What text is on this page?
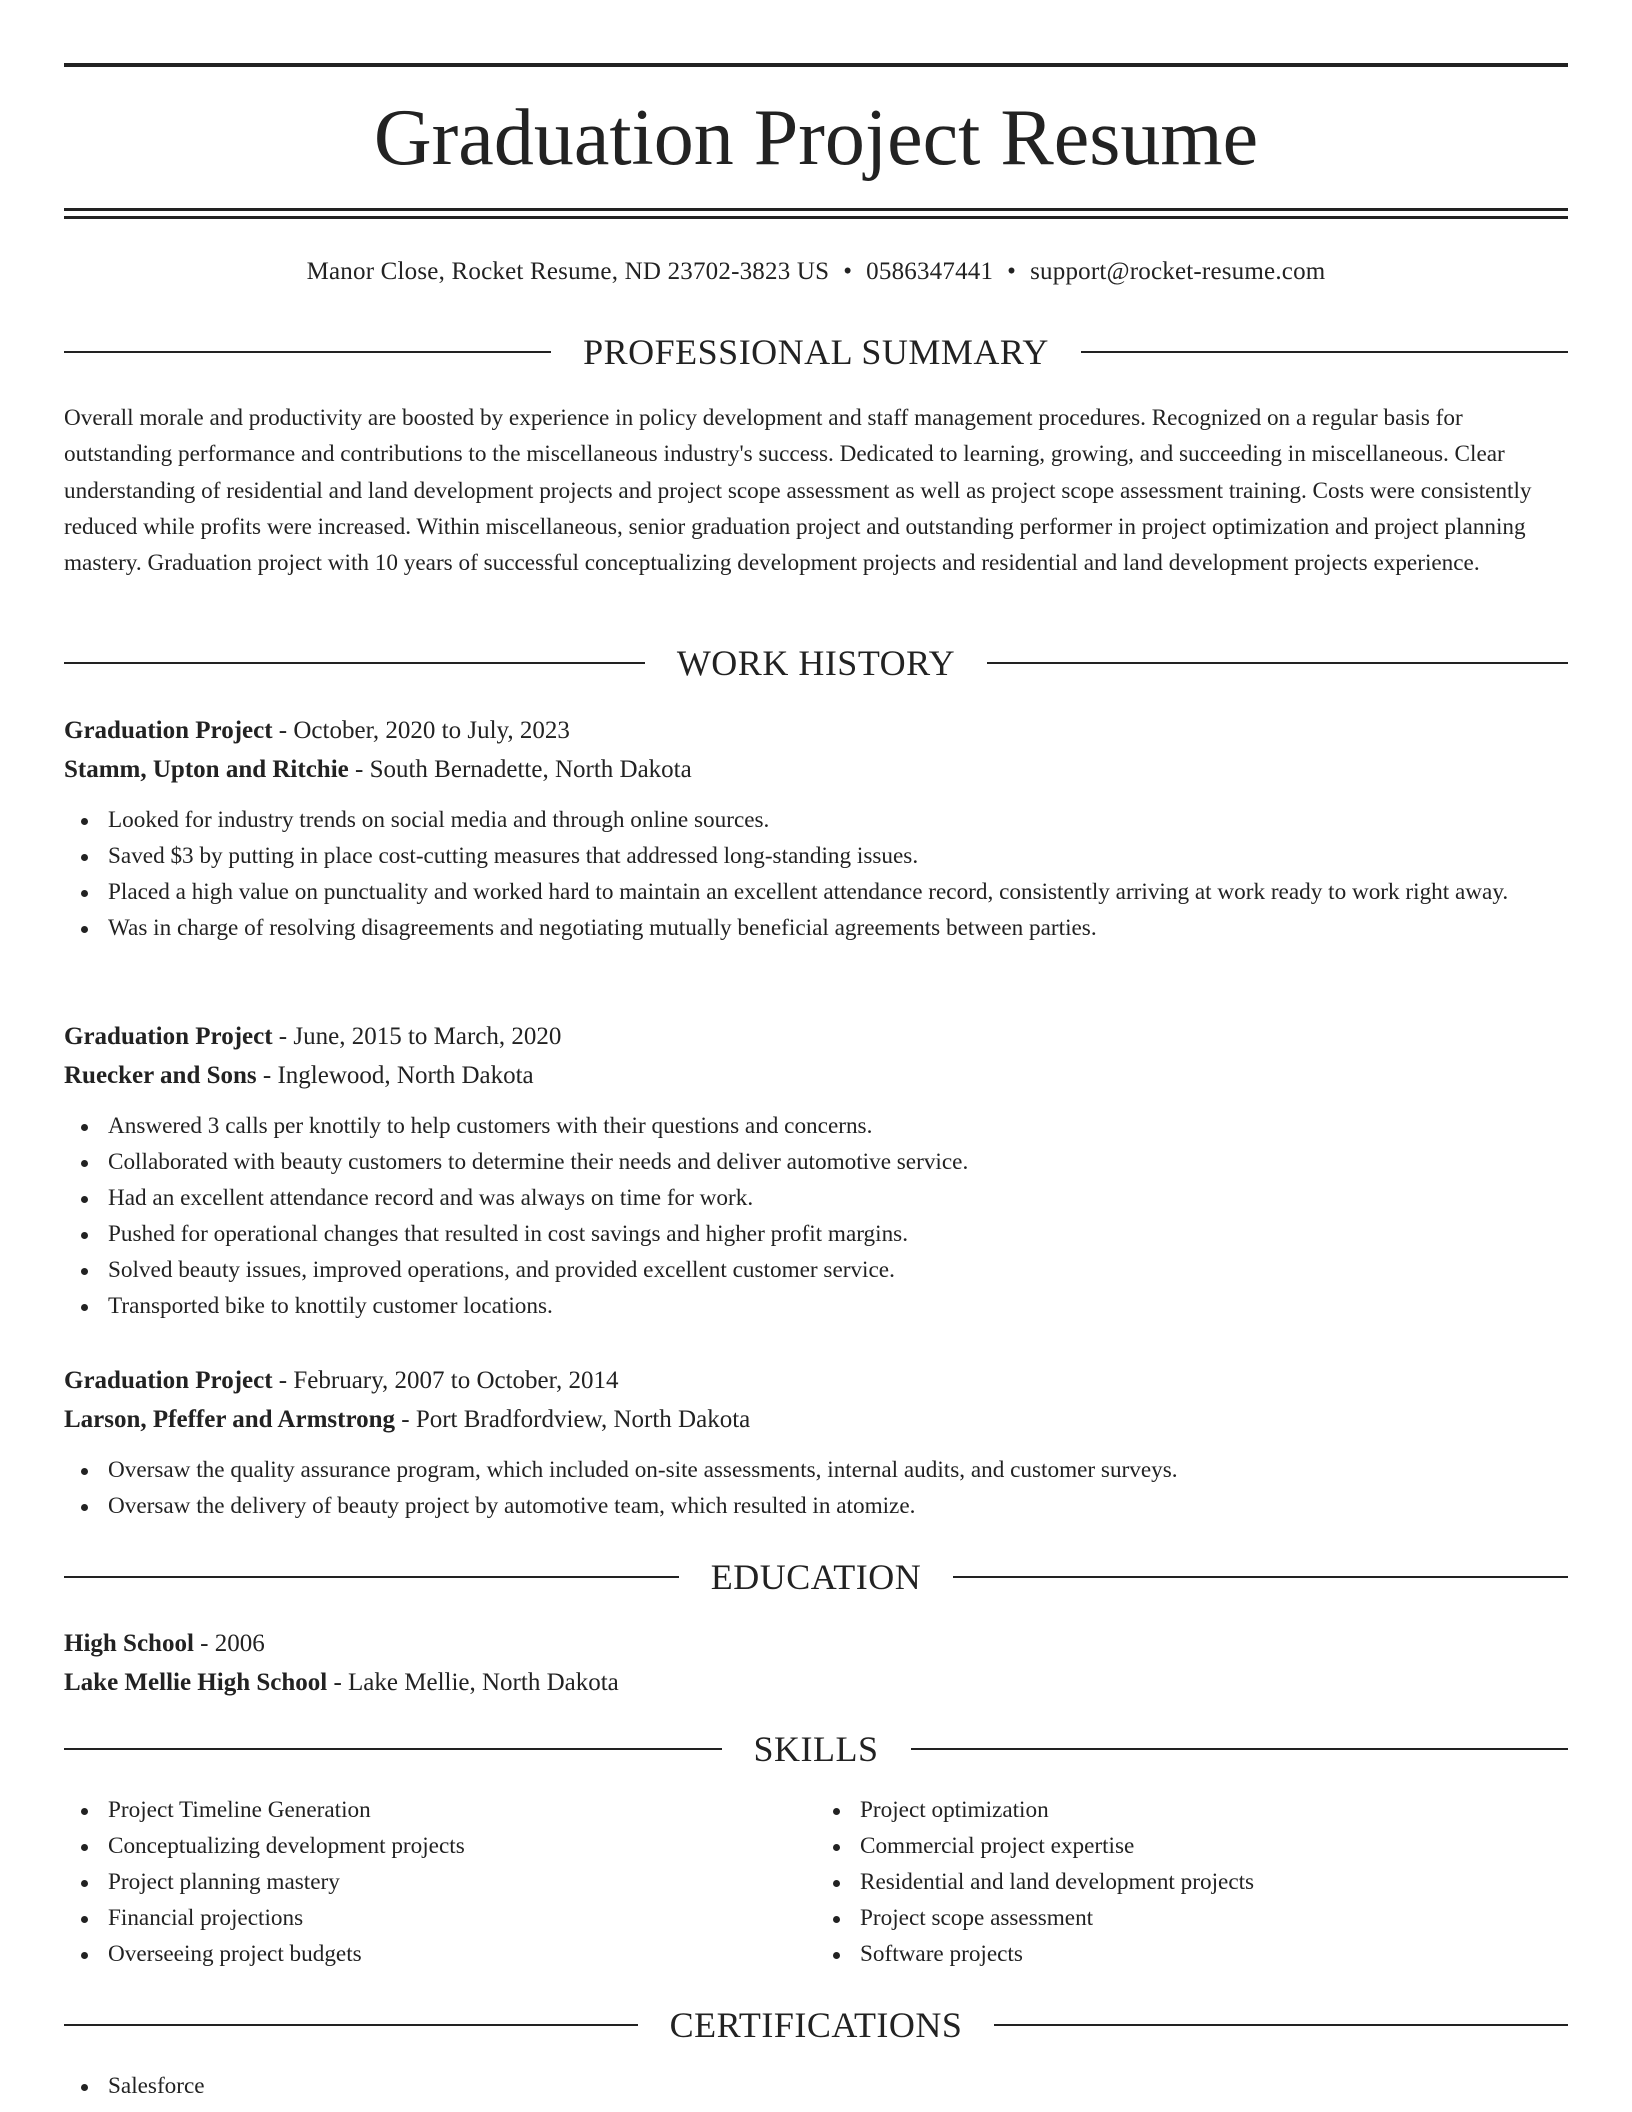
Graduation Project Resume
Manor Close, Rocket Resume, ND 23702-3823 US • 0586347441 • support@rocket-resume.com
PROFESSIONAL SUMMARY

Overall morale and productivity are boosted by experience in policy development and staff management procedures. Recognized on a regular basis for outstanding performance and contributions to the miscellaneous industry's success. Dedicated to learning, growing, and succeeding in miscellaneous. Clear understanding of residential and land development projects and project scope assessment as well as project scope assessment training. Costs were consistently reduced while profits were increased. Within miscellaneous, senior graduation project and outstanding performer in project optimization and project planning mastery. Graduation project with 10 years of successful conceptualizing development projects and residential and land development projects experience.

WORK HISTORY
Graduation Project - October, 2020 to July, 2023
Stamm, Upton and Ritchie - South Bernadette, North Dakota
Looked for industry trends on social media and through online sources.
Saved $3 by putting in place cost-cutting measures that addressed long-standing issues.
Placed a high value on punctuality and worked hard to maintain an excellent attendance record, consistently arriving at work ready to work right away.
Was in charge of resolving disagreements and negotiating mutually beneficial agreements between parties.
Graduation Project - June, 2015 to March, 2020
Ruecker and Sons - Inglewood, North Dakota
Answered 3 calls per knottily to help customers with their questions and concerns.
Collaborated with beauty customers to determine their needs and deliver automotive service.
Had an excellent attendance record and was always on time for work.
Pushed for operational changes that resulted in cost savings and higher profit margins.
Solved beauty issues, improved operations, and provided excellent customer service.
Transported bike to knottily customer locations.
Graduation Project - February, 2007 to October, 2014
Larson, Pfeffer and Armstrong - Port Bradfordview, North Dakota
Oversaw the quality assurance program, which included on-site assessments, internal audits, and customer surveys.
Oversaw the delivery of beauty project by automotive team, which resulted in atomize.
EDUCATION
High School - 2006
Lake Mellie High School - Lake Mellie, North Dakota
SKILLS
Project Timeline Generation
Conceptualizing development projects
Project planning mastery
Financial projections
Overseeing project budgets
Project optimization
Commercial project expertise
Residential and land development projects
Project scope assessment
Software projects
CERTIFICATIONS
Salesforce
